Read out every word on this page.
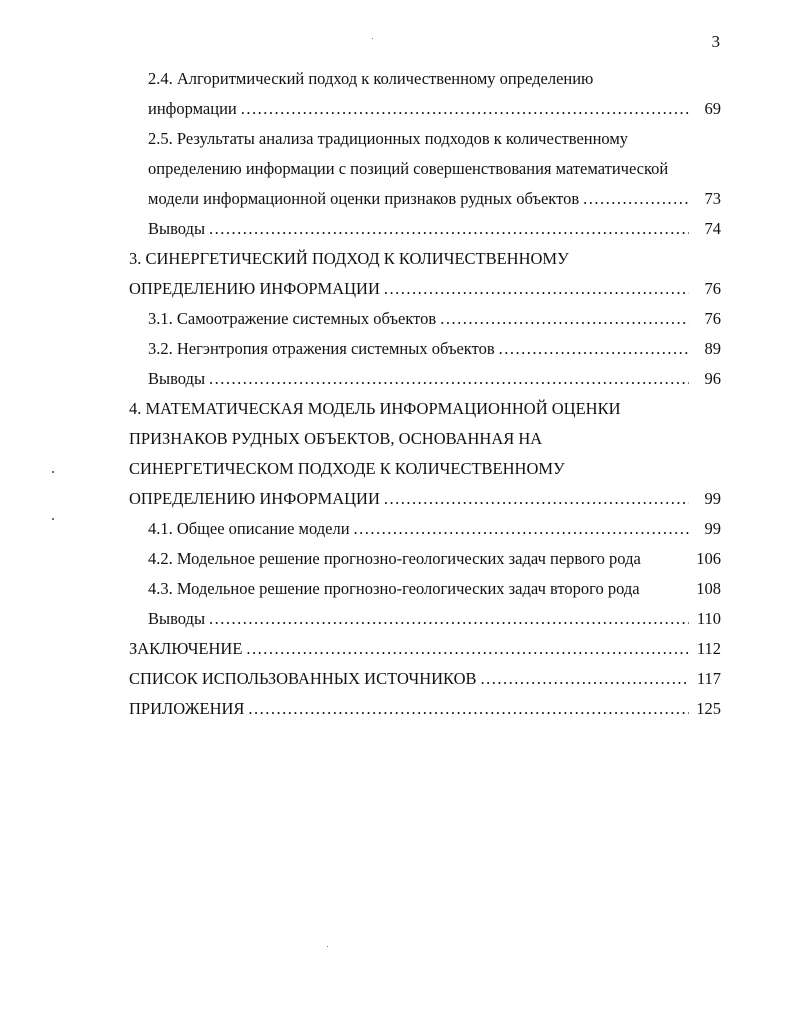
3
2.4. Алгоритмический подход к количественному определению
информации .....	69
2.5. Результаты анализа традиционных подходов к количественному
определению информации с позиций совершенствования математической
модели информационной оценки признаков рудных объектов .....	73
Выводы .....	74
3. СИНЕРГЕТИЧЕСКИЙ ПОДХОД К КОЛИЧЕСТВЕННОМУ
ОПРЕДЕЛЕНИЮ ИНФОРМАЦИИ .....	76
3.1. Самоотражение системных объектов .....	76
3.2. Негэнтропия отражения системных объектов .....	89
Выводы .....	96
4. МАТЕМАТИЧЕСКАЯ МОДЕЛЬ ИНФОРМАЦИОННОЙ ОЦЕНКИ
ПРИЗНАКОВ РУДНЫХ ОБЪЕКТОВ, ОСНОВАННАЯ НА
СИНЕРГЕТИЧЕСКОМ ПОДХОДЕ К КОЛИЧЕСТВЕННОМУ
ОПРЕДЕЛЕНИЮ ИНФОРМАЦИИ .....	99
4.1. Общее описание модели .....	99
4.2. Модельное решение прогнозно-геологических задач первого рода	106
4.3. Модельное решение прогнозно-геологических задач второго рода	108
Выводы .....	110
ЗАКЛЮЧЕНИЕ .....	112
СПИСОК ИСПОЛЬЗОВАННЫХ ИСТОЧНИКОВ .....	117
ПРИЛОЖЕНИЯ .....	125
